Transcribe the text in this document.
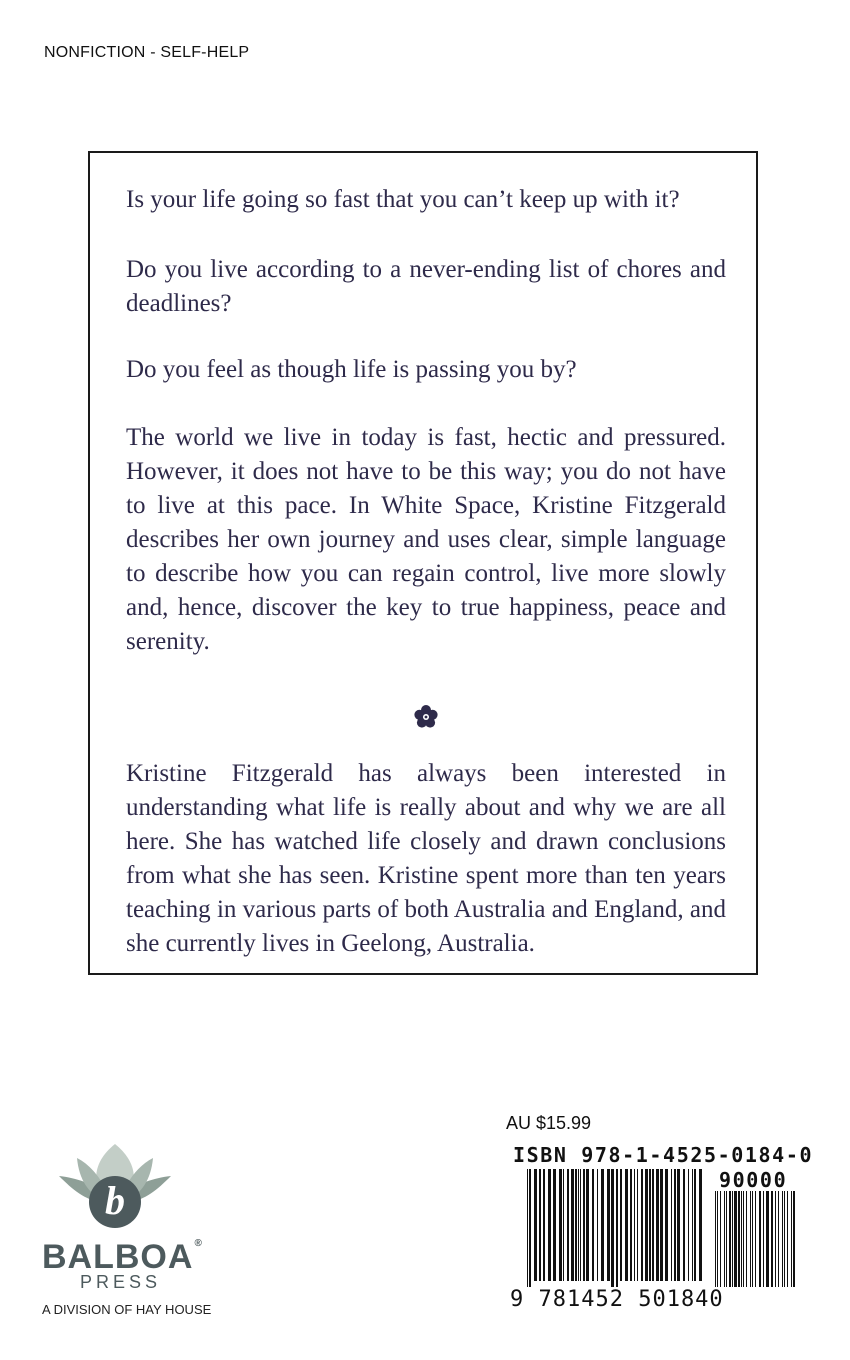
NONFICTION - SELF-HELP

Is your life going so fast that you can’t keep up with it?

Do you live according to a never-ending list of chores and deadlines?

Do you feel as though life is passing you by?

The world we live in today is fast, hectic and pressured. However, it does not have to be this way; you do not have to live at this pace. In White Space, Kristine Fitzgerald describes her own journey and uses clear, simple language to describe how you can regain control, live more slowly and, hence, discover the key to true happiness, peace and serenity.

Kristine Fitzgerald has always been interested in understanding what life is really about and why we are all here. She has watched life closely and drawn conclusions from what she has seen. Kristine spent more than ten years teaching in various parts of both Australia and England, and she currently lives in Geelong, Australia.

AU $15.99
ISBN 978-1-4525-0184-0
90000
9 781452 501840
b
BALBOA®
PRESS
A DIVISION OF HAY HOUSE
